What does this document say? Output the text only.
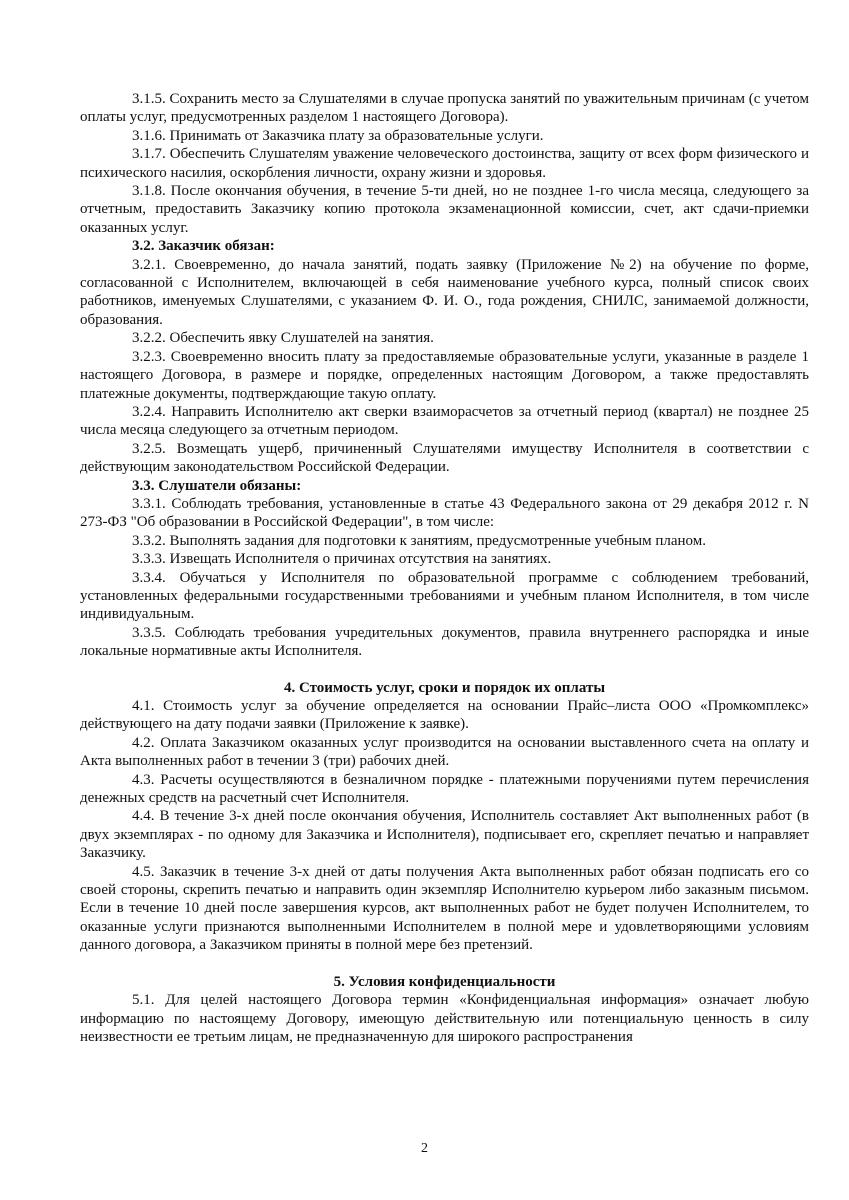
3.1.5. Сохранить место за Слушателями в случае пропуска занятий по уважительным причинам (с учетом оплаты услуг, предусмотренных разделом 1 настоящего Договора).
3.1.6. Принимать от Заказчика плату за образовательные услуги.
3.1.7. Обеспечить Слушателям уважение человеческого достоинства, защиту от всех форм физического и психического насилия, оскорбления личности, охрану жизни и здоровья.
3.1.8. После окончания обучения, в течение 5-ти дней, но не позднее 1-го числа месяца, следующего за отчетным, предоставить Заказчику копию протокола экзаменационной комиссии, счет, акт сдачи-приемки оказанных услуг.
3.2. Заказчик обязан:
3.2.1. Своевременно, до начала занятий, подать заявку (Приложение №2) на обучение по форме, согласованной с Исполнителем, включающей в себя наименование учебного курса, полный список своих работников, именуемых Слушателями, с указанием Ф. И. О., года рождения, СНИЛС, занимаемой должности, образования.
3.2.2. Обеспечить явку Слушателей на занятия.
3.2.3. Своевременно вносить плату за предоставляемые образовательные услуги, указанные в разделе 1 настоящего Договора, в размере и порядке, определенных настоящим Договором, а также предоставлять платежные документы, подтверждающие такую оплату.
3.2.4. Направить Исполнителю акт сверки взаиморасчетов за отчетный период (квартал) не позднее 25 числа месяца следующего за отчетным периодом.
3.2.5. Возмещать ущерб, причиненный Слушателями имуществу Исполнителя в соответствии с действующим законодательством Российской Федерации.
3.3. Слушатели обязаны:
3.3.1. Соблюдать требования, установленные в статье 43 Федерального закона от 29 декабря 2012 г. N 273-ФЗ "Об образовании в Российской Федерации", в том числе:
3.3.2. Выполнять задания для подготовки к занятиям, предусмотренные учебным планом.
3.3.3. Извещать Исполнителя о причинах отсутствия на занятиях.
3.3.4. Обучаться у Исполнителя по образовательной программе с соблюдением требований, установленных федеральными государственными требованиями и учебным планом Исполнителя, в том числе индивидуальным.
3.3.5. Соблюдать требования учредительных документов, правила внутреннего распорядка и иные локальные нормативные акты Исполнителя.
4. Стоимость услуг, сроки и порядок их оплаты
4.1. Стоимость услуг за обучение определяется на основании Прайс–листа ООО «Промкомплекс» действующего на дату подачи заявки (Приложение к заявке).
4.2. Оплата Заказчиком оказанных услуг производится на основании выставленного счета на оплату и Акта выполненных работ в течении 3 (три) рабочих дней.
4.3. Расчеты осуществляются в безналичном порядке - платежными поручениями путем перечисления денежных средств на расчетный счет Исполнителя.
4.4. В течение 3-х дней после окончания обучения, Исполнитель составляет Акт выполненных работ (в двух экземплярах - по одному для Заказчика и Исполнителя), подписывает его, скрепляет печатью и направляет Заказчику.
4.5. Заказчик в течение 3-х дней от даты получения Акта выполненных работ обязан подписать его со своей стороны, скрепить печатью и направить один экземпляр Исполнителю курьером либо заказным письмом. Если в течение 10 дней после завершения курсов, акт выполненных работ не будет получен Исполнителем, то оказанные услуги признаются выполненными Исполнителем в полной мере и удовлетворяющими условиям данного договора, а Заказчиком приняты в полной мере без претензий.
5. Условия конфиденциальности
5.1. Для целей настоящего Договора термин «Конфиденциальная информация» означает любую информацию по настоящему Договору, имеющую действительную или потенциальную ценность в силу неизвестности ее третьим лицам, не предназначенную для широкого распространения
2
